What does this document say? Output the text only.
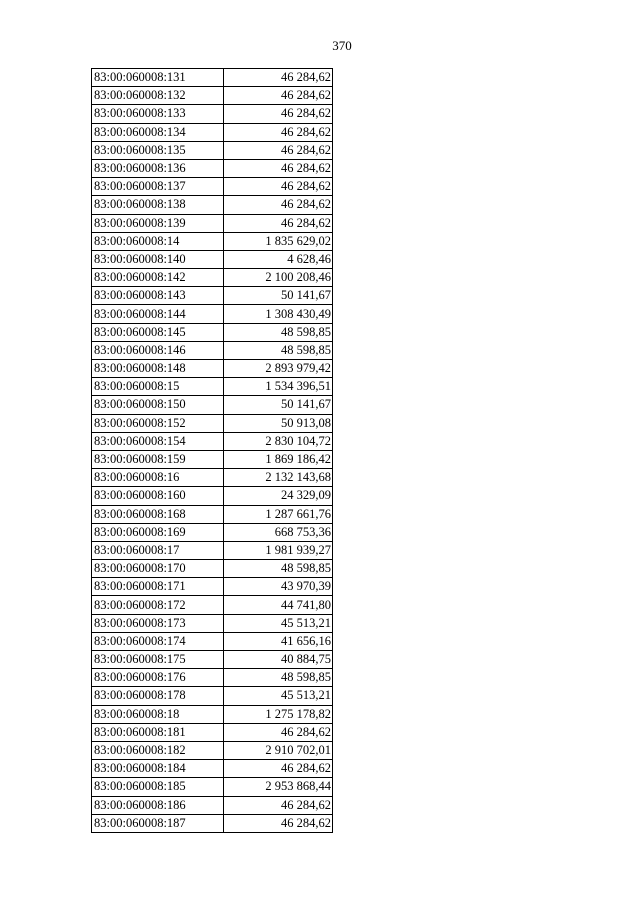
370
83:00:060008:131	46 284,62
83:00:060008:132	46 284,62
83:00:060008:133	46 284,62
83:00:060008:134	46 284,62
83:00:060008:135	46 284,62
83:00:060008:136	46 284,62
83:00:060008:137	46 284,62
83:00:060008:138	46 284,62
83:00:060008:139	46 284,62
83:00:060008:14	1 835 629,02
83:00:060008:140	4 628,46
83:00:060008:142	2 100 208,46
83:00:060008:143	50 141,67
83:00:060008:144	1 308 430,49
83:00:060008:145	48 598,85
83:00:060008:146	48 598,85
83:00:060008:148	2 893 979,42
83:00:060008:15	1 534 396,51
83:00:060008:150	50 141,67
83:00:060008:152	50 913,08
83:00:060008:154	2 830 104,72
83:00:060008:159	1 869 186,42
83:00:060008:16	2 132 143,68
83:00:060008:160	24 329,09
83:00:060008:168	1 287 661,76
83:00:060008:169	668 753,36
83:00:060008:17	1 981 939,27
83:00:060008:170	48 598,85
83:00:060008:171	43 970,39
83:00:060008:172	44 741,80
83:00:060008:173	45 513,21
83:00:060008:174	41 656,16
83:00:060008:175	40 884,75
83:00:060008:176	48 598,85
83:00:060008:178	45 513,21
83:00:060008:18	1 275 178,82
83:00:060008:181	46 284,62
83:00:060008:182	2 910 702,01
83:00:060008:184	46 284,62
83:00:060008:185	2 953 868,44
83:00:060008:186	46 284,62
83:00:060008:187	46 284,62
